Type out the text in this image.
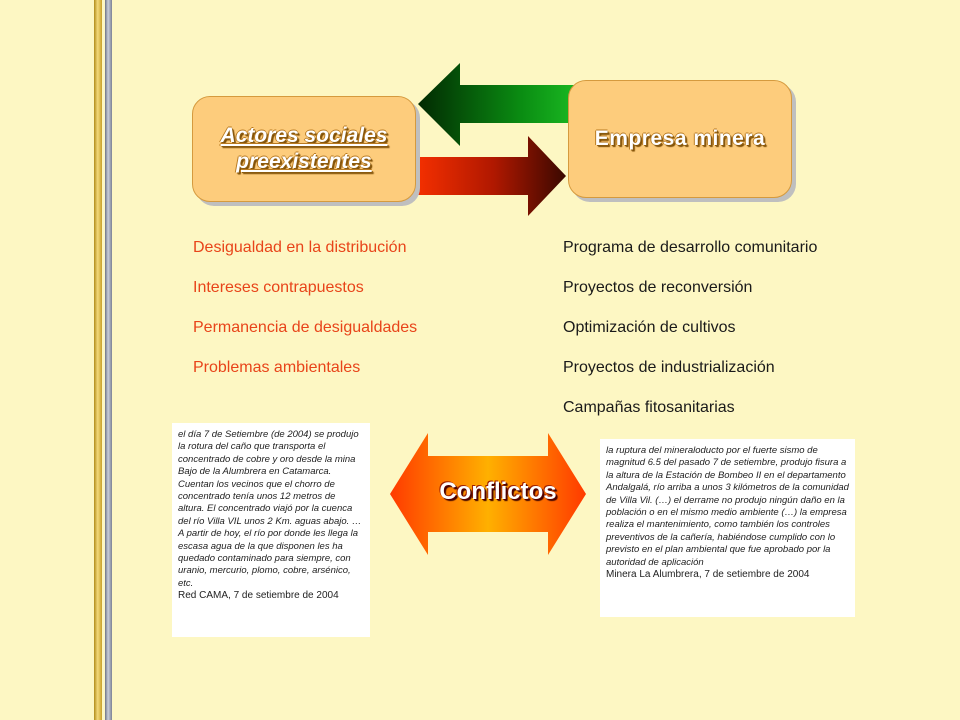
Actores sociales
preexistentes
Empresa minera
Desigualdad en la distribución
Intereses contrapuestos
Permanencia de desigualdades
Problemas ambientales
Programa de desarrollo comunitario
Proyectos de reconversión
Optimización de cultivos
Proyectos de industrialización
Campañas fitosanitarias
el día 7 de Setiembre (de 2004) se produjo la rotura del caño que transporta el concentrado de cobre y oro desde la mina Bajo de la Alumbrera en Catamarca. Cuentan los vecinos que el chorro de concentrado tenía unos 12 metros de altura. El concentrado viajó por la cuenca del río Villa VIL unos 2 Km. aguas abajo. …A partir de hoy, el río por donde les llega la escasa agua de la que disponen les ha quedado contaminado para siempre, con uranio, mercurio, plomo, cobre, arsénico, etc.
Red CAMA, 7 de setiembre de 2004
la ruptura del mineraloducto por el fuerte sismo de magnitud 6.5 del pasado 7 de setiembre, produjo fisura a la altura de la Estación de Bombeo II en el departamento Andalgalá, río arriba a unos 3 kilómetros de la comunidad de Villa Vil. (…) el derrame no produjo ningún daño en la población o en el mismo medio ambiente (…) la empresa realiza el mantenimiento, como también los controles preventivos de la cañería, habiéndose cumplido con lo previsto en el plan ambiental que fue aprobado por la autoridad de aplicación
Minera La Alumbrera, 7 de setiembre de 2004
Conflictos
